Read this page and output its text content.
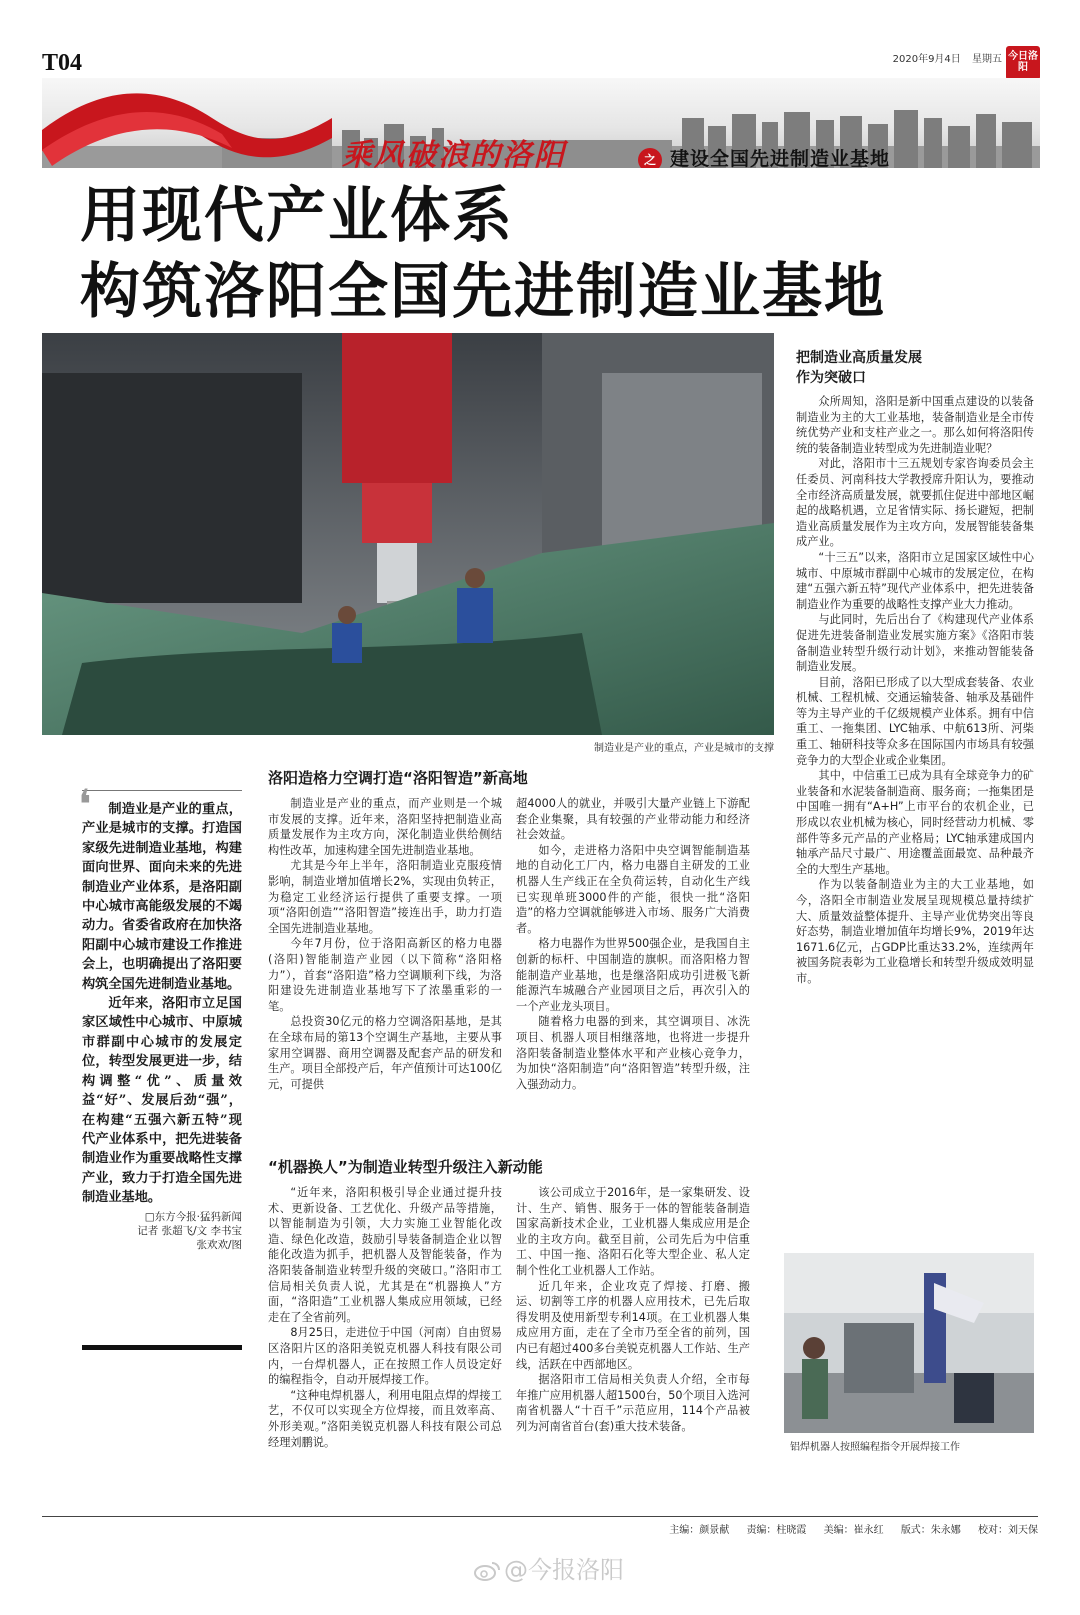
T04	2020年9月4日 星期五 今日洛阳
乘风破浪的洛阳	之 建设全国先进制造业基地
用现代产业体系
构筑洛阳全国先进制造业基地
制造业是产业的重点，产业是城市的支撑
把制造业高质量发展
作为突破口

众所周知，洛阳是新中国重点建设的以装备制造业为主的大工业基地，装备制造业是全市传统优势产业和支柱产业之一。那么如何将洛阳传统的装备制造业转型成为先进制造业呢？

对此，洛阳市十三五规划专家咨询委员会主任委员、河南科技大学教授席升阳认为，要推动全市经济高质量发展，就要抓住促进中部地区崛起的战略机遇，立足省情实际、扬长避短，把制造业高质量发展作为主攻方向，发展智能装备集成产业。

“十三五”以来，洛阳市立足国家区域性中心城市、中原城市群副中心城市的发展定位，在构建“五强六新五特”现代产业体系中，把先进装备制造业作为重要的战略性支撑产业大力推动。

与此同时，先后出台了《构建现代产业体系促进先进装备制造业发展实施方案》《洛阳市装备制造业转型升级行动计划》，来推动智能装备制造业发展。

目前，洛阳已形成了以大型成套装备、农业机械、工程机械、交通运输装备、轴承及基础件等为主导产业的千亿级规模产业体系。拥有中信重工、一拖集团、LYC轴承、中航613所、河柴重工、轴研科技等众多在国际国内市场具有较强竞争力的大型企业或企业集团。

其中，中信重工已成为具有全球竞争力的矿业装备和水泥装备制造商、服务商；一拖集团是中国唯一拥有“A+H”上市平台的农机企业，已形成以农业机械为核心，同时经营动力机械、零部件等多元产品的产业格局；LYC轴承建成国内轴承产品尺寸最广、用途覆盖面最宽、品种最齐全的大型生产基地。

作为以装备制造业为主的大工业基地，如今，洛阳全市制造业发展呈现规模总量持续扩大、质量效益整体提升、主导产业优势突出等良好态势，制造业增加值年均增长9%，2019年达1671.6亿元，占GDP比重达33.2%，连续两年被国务院表彰为工业稳增长和转型升级成效明显市。

❛	制造业是产业的重点，产业是城市的支撑。打造国家级先进制造业基地，构建面向世界、面向未来的先进制造业产业体系，是洛阳副中心城市高能级发展的不竭动力。省委省政府在加快洛阳副中心城市建设工作推进会上，也明确提出了洛阳要构筑全国先进制造业基地。

近年来，洛阳市立足国家区域性中心城市、中原城市群副中心城市的发展定位，转型发展更进一步，结构调整“优”、质量效益“好”、发展后劲“强”，在构建“五强六新五特”现代产业体系中，把先进装备制造业作为重要战略性支撑产业，致力于打造全国先进制造业基地。

□东方今报·猛犸新闻
记者 张超飞/文 李书宝
张欢欢/图
洛阳造格力空调打造“洛阳智造”新高地

制造业是产业的重点，而产业则是一个城市发展的支撑。近年来，洛阳坚持把制造业高质量发展作为主攻方向，深化制造业供给侧结构性改革，加速构建全国先进制造业基地。

尤其是今年上半年，洛阳制造业克服疫情影响，制造业增加值增长2%，实现由负转正，为稳定工业经济运行提供了重要支撑。一项项“洛阳创造”“洛阳智造”接连出手，助力打造全国先进制造业基地。

今年7月份，位于洛阳高新区的格力电器(洛阳)智能制造产业园（以下简称“洛阳格力”），首套“洛阳造”格力空调顺利下线，为洛阳建设先进制造业基地写下了浓墨重彩的一笔。

总投资30亿元的格力空调洛阳基地，是其在全球布局的第13个空调生产基地，主要从事家用空调器、商用空调器及配套产品的研发和生产。项目全部投产后，年产值预计可达100亿元，可提供

超4000人的就业，并吸引大量产业链上下游配套企业集聚，具有较强的产业带动能力和经济社会效益。

如今，走进格力洛阳中央空调智能制造基地的自动化工厂内，格力电器自主研发的工业机器人生产线正在全负荷运转，自动化生产线已实现单班3000件的产能，很快一批“洛阳造”的格力空调就能够进入市场、服务广大消费者。

格力电器作为世界500强企业，是我国自主创新的标杆、中国制造的旗帜。而洛阳格力智能制造产业基地，也是继洛阳成功引进极飞新能源汽车城融合产业园项目之后，再次引入的一个产业龙头项目。

随着格力电器的到来，其空调项目、冰洗项目、机器人项目相继落地，也将进一步提升洛阳装备制造业整体水平和产业核心竞争力，为加快“洛阳制造”向“洛阳智造”转型升级，注入强劲动力。

“机器换人”为制造业转型升级注入新动能

“近年来，洛阳积极引导企业通过提升技术、更新设备、工艺优化、升级产品等措施，以智能制造为引领，大力实施工业智能化改造、绿色化改造，鼓励引导装备制造企业以智能化改造为抓手，把机器人及智能装备，作为洛阳装备制造业转型升级的突破口。”洛阳市工信局相关负责人说，尤其是在“机器换人”方面，“洛阳造”工业机器人集成应用领域，已经走在了全省前列。

8月25日，走进位于中国（河南）自由贸易区洛阳片区的洛阳美锐克机器人科技有限公司内，一台焊机器人，正在按照工作人员设定好的编程指令，自动开展焊接工作。

“这种电焊机器人，利用电阻点焊的焊接工艺，不仅可以实现全方位焊接，而且效率高、外形美观。”洛阳美锐克机器人科技有限公司总经理刘鹏说。

该公司成立于2016年，是一家集研发、设计、生产、销售、服务于一体的智能装备制造国家高新技术企业，工业机器人集成应用是企业的主攻方向。截至目前，公司先后为中信重工、中国一拖、洛阳石化等大型企业、私人定制个性化工业机器人工作站。

近几年来，企业攻克了焊接、打磨、搬运、切割等工序的机器人应用技术，已先后取得发明及使用新型专利14项。在工业机器人集成应用方面，走在了全市乃至全省的前列，国内已有超过400多台美锐克机器人工作站、生产线，活跃在中西部地区。

据洛阳市工信局相关负责人介绍，全市每年推广应用机器人超1500台，50个项目入选河南省机器人“十百千”示范应用，114个产品被列为河南省首台(套)重大技术装备。

铝焊机器人按照编程指令开展焊接工作
主编：颜景献 责编：柱晓霞 美编：崔永红 版式：朱永娜 校对：刘天保
@今报洛阳
